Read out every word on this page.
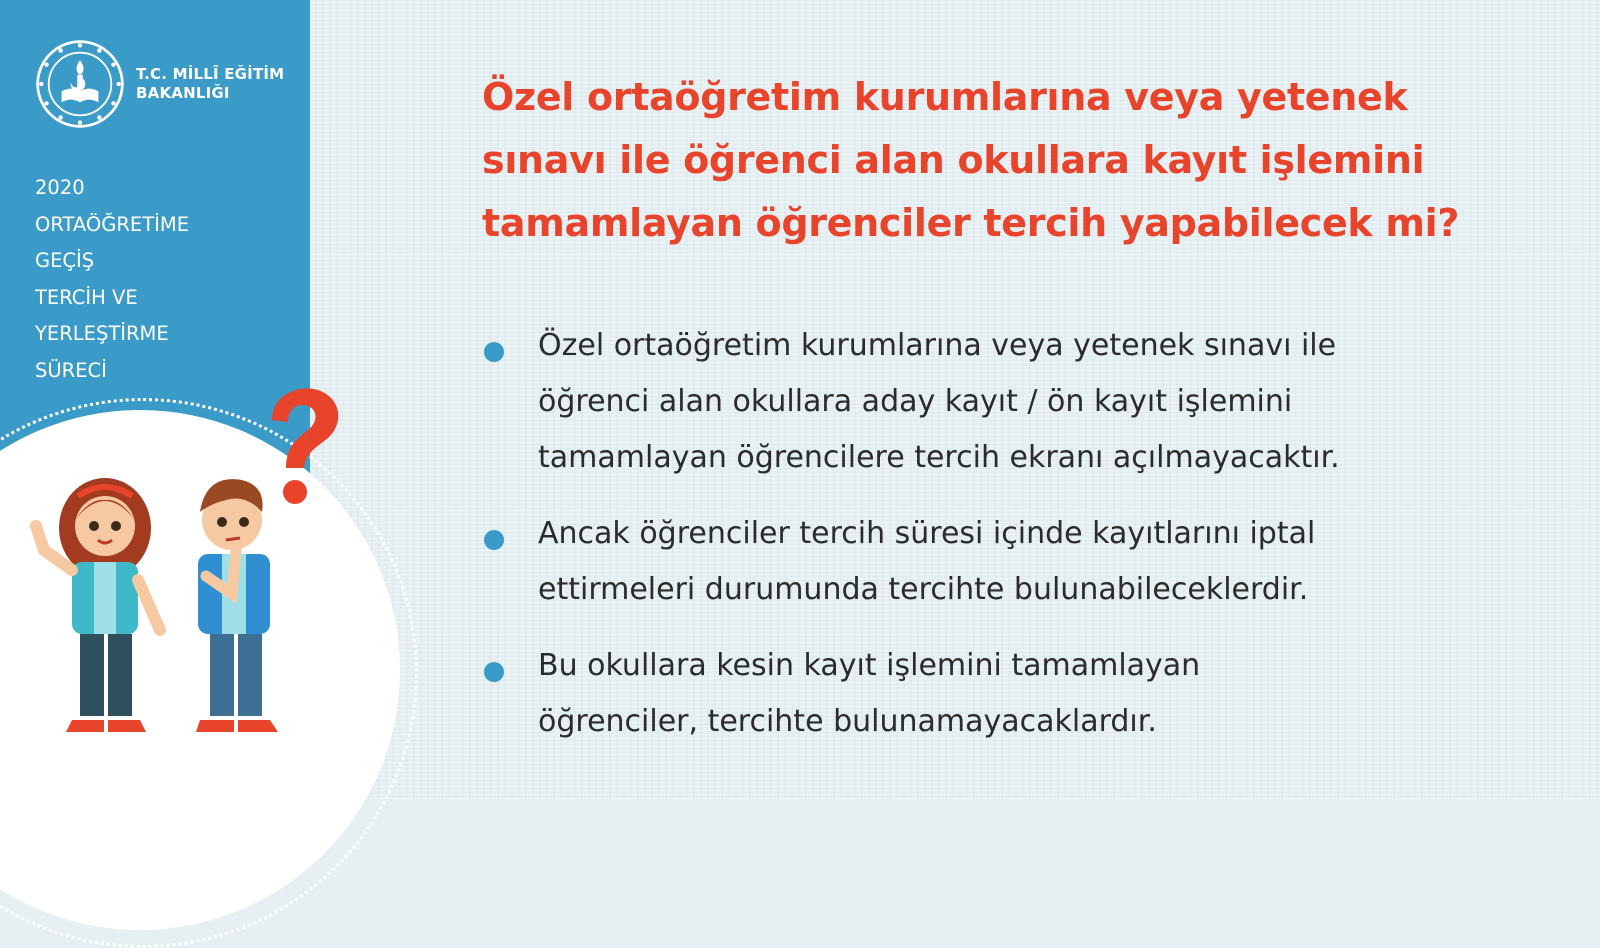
T.C. MİLLÎ EĞİTİM
BAKANLIĞI
2020
ORTAÖĞRETİME
GEÇİŞ
TERCİH VE
YERLEŞTİRME
SÜRECİ
Özel ortaöğretim kurumlarına veya yetenek
sınavı ile öğrenci alan okullara kayıt işlemini
tamamlayan öğrenciler tercih yapabilecek mi?
Özel ortaöğretim kurumlarına veya yetenek sınavı ile
öğrenci alan okullara aday kayıt / ön kayıt işlemini
tamamlayan öğrencilere tercih ekranı açılmayacaktır.
Ancak öğrenciler tercih süresi içinde kayıtlarını iptal
ettirmeleri durumunda tercihte bulunabileceklerdir.
Bu okullara kesin kayıt işlemini tamamlayan
öğrenciler, tercihte bulunamayacaklardır.
